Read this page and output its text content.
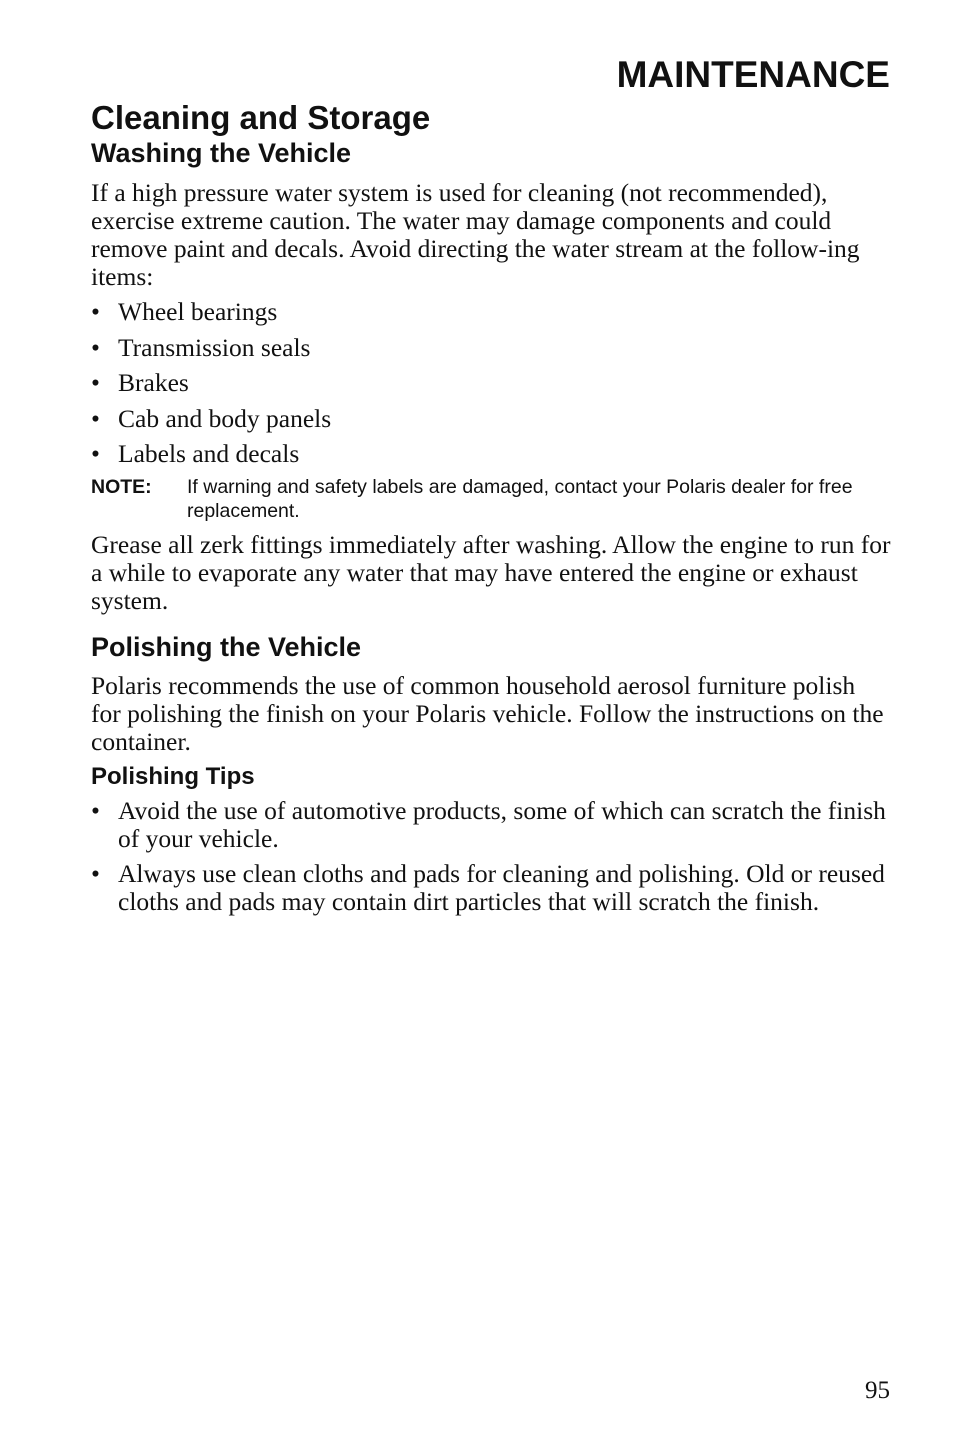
MAINTENANCE
Cleaning and Storage
Washing the Vehicle

If a high pressure water system is used for cleaning (not recommended), exercise extreme caution. The water may damage components and could remove paint and decals. Avoid directing the water stream at the follow-ing items:

• Wheel bearings
• Transmission seals
• Brakes
• Cab and body panels
• Labels and decals
NOTE:	If warning and safety labels are damaged, contact your Polaris dealer for free replacement.

Grease all zerk fittings immediately after washing. Allow the engine to run for a while to evaporate any water that may have entered the engine or exhaust system.

Polishing the Vehicle

Polaris recommends the use of common household aerosol furniture polish for polishing the finish on your Polaris vehicle. Follow the instructions on the container.

Polishing Tips
• Avoid the use of automotive products, some of which can scratch the finish of your vehicle.
• Always use clean cloths and pads for cleaning and polishing. Old or reused cloths and pads may contain dirt particles that will scratch the finish.

95
